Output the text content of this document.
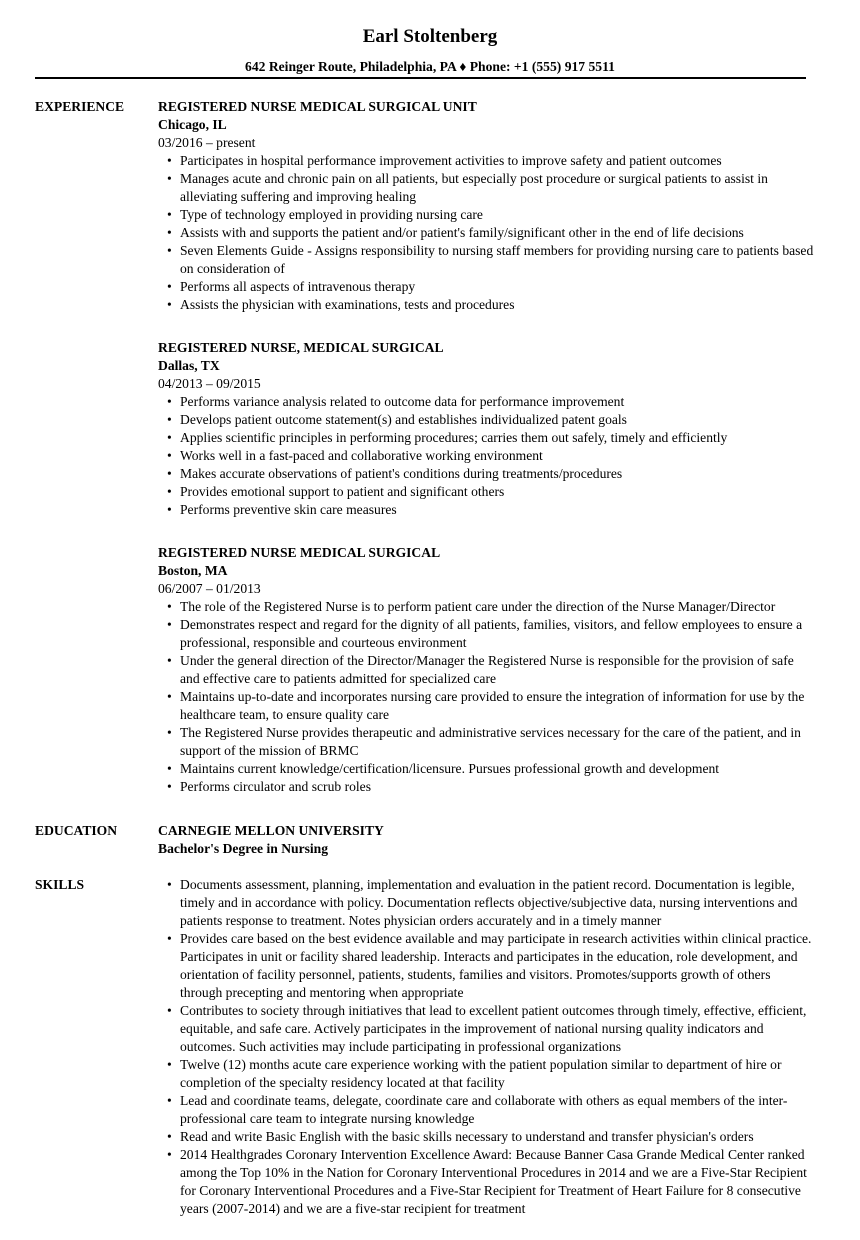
Earl Stoltenberg
642 Reinger Route, Philadelphia, PA ♦ Phone: +1 (555) 917 5511
EXPERIENCE	REGISTERED NURSE MEDICAL SURGICAL UNIT
Chicago, IL
03/2016 – present
• Participates in hospital performance improvement activities to improve safety and patient outcomes
• Manages acute and chronic pain on all patients, but especially post procedure or surgical patients to assist in alleviating suffering and improving healing
• Type of technology employed in providing nursing care
• Assists with and supports the patient and/or patient's family/significant other in the end of life decisions
• Seven Elements Guide - Assigns responsibility to nursing staff members for providing nursing care to patients based on consideration of
• Performs all aspects of intravenous therapy
• Assists the physician with examinations, tests and procedures
REGISTERED NURSE, MEDICAL SURGICAL
Dallas, TX
04/2013 – 09/2015
• Performs variance analysis related to outcome data for performance improvement
• Develops patient outcome statement(s) and establishes individualized patent goals
• Applies scientific principles in performing procedures; carries them out safely, timely and efficiently
• Works well in a fast-paced and collaborative working environment
• Makes accurate observations of patient's conditions during treatments/procedures
• Provides emotional support to patient and significant others
• Performs preventive skin care measures
REGISTERED NURSE MEDICAL SURGICAL
Boston, MA
06/2007 – 01/2013
• The role of the Registered Nurse is to perform patient care under the direction of the Nurse Manager/Director
• Demonstrates respect and regard for the dignity of all patients, families, visitors, and fellow employees to ensure a professional, responsible and courteous environment
• Under the general direction of the Director/Manager the Registered Nurse is responsible for the provision of safe and effective care to patients admitted for specialized care
• Maintains up-to-date and incorporates nursing care provided to ensure the integration of information for use by the healthcare team, to ensure quality care
• The Registered Nurse provides therapeutic and administrative services necessary for the care of the patient, and in support of the mission of BRMC
• Maintains current knowledge/certification/licensure. Pursues professional growth and development
• Performs circulator and scrub roles
EDUCATION	CARNEGIE MELLON UNIVERSITY
Bachelor's Degree in Nursing
SKILLS	• Documents assessment, planning, implementation and evaluation in the patient record. Documentation is legible, timely and in accordance with policy. Documentation reflects objective/subjective data, nursing interventions and patients response to treatment. Notes physician orders accurately and in a timely manner
• Provides care based on the best evidence available and may participate in research activities within clinical practice. Participates in unit or facility shared leadership. Interacts and participates in the education, role development, and orientation of facility personnel, patients, students, families and visitors. Promotes/supports growth of others through precepting and mentoring when appropriate
• Contributes to society through initiatives that lead to excellent patient outcomes through timely, effective, efficient, equitable, and safe care. Actively participates in the improvement of national nursing quality indicators and outcomes. Such activities may include participating in professional organizations
• Twelve (12) months acute care experience working with the patient population similar to department of hire or completion of the specialty residency located at that facility
• Lead and coordinate teams, delegate, coordinate care and collaborate with others as equal members of the inter-professional care team to integrate nursing knowledge
• Read and write Basic English with the basic skills necessary to understand and transfer physician's orders
• 2014 Healthgrades Coronary Intervention Excellence Award: Because Banner Casa Grande Medical Center ranked among the Top 10% in the Nation for Coronary Interventional Procedures in 2014 and we are a Five-Star Recipient for Coronary Interventional Procedures and a Five-Star Recipient for Treatment of Heart Failure for 8 consecutive years (2007-2014) and we are a five-star recipient for treatment
